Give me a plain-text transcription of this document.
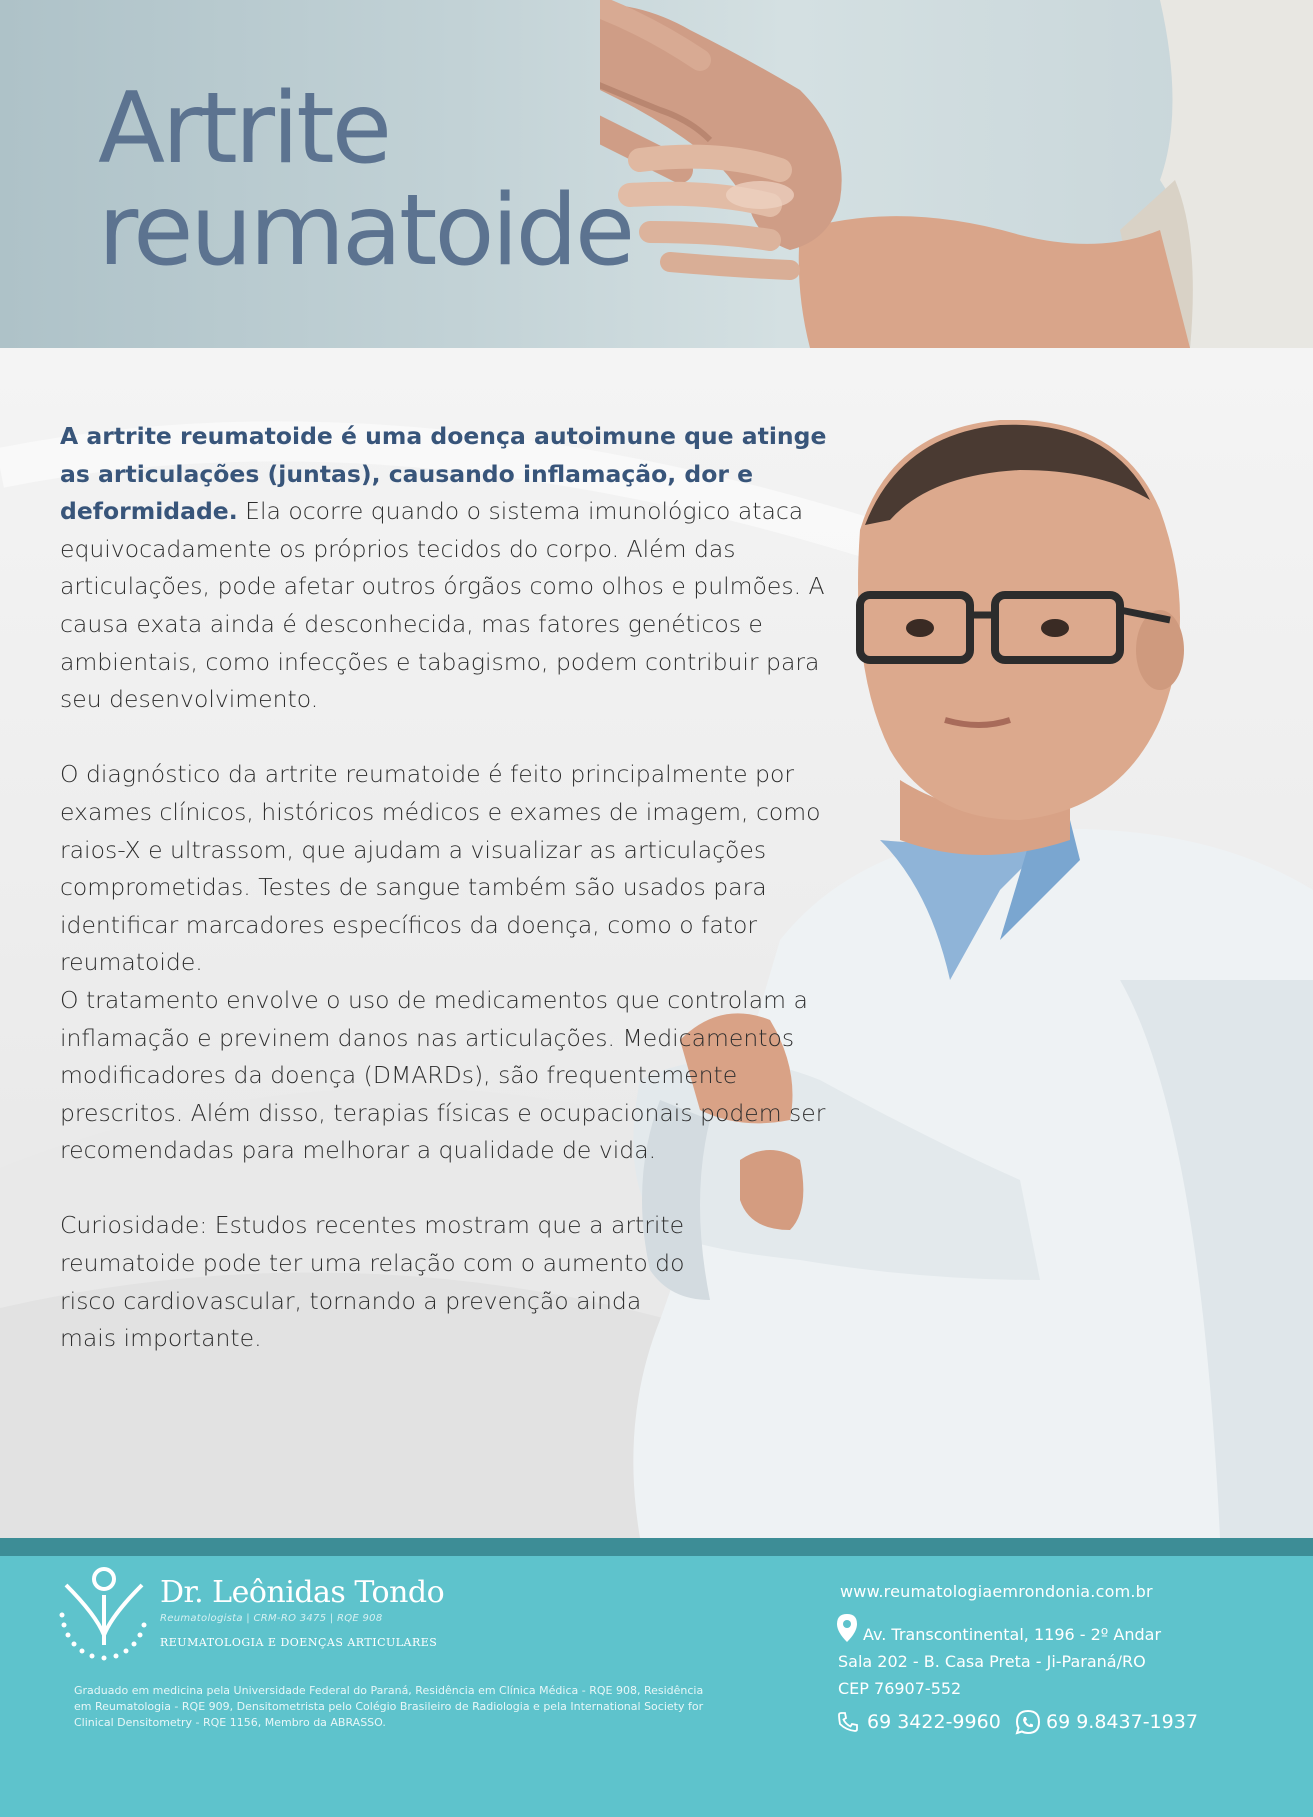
Artrite
reumatoide

A artrite reumatoide é uma doença autoimune que atinge as articulações (juntas), causando inflamação, dor e deformidade. Ela ocorre quando o sistema imunológico ataca equivocadamente os próprios tecidos do corpo. Além das articulações, pode afetar outros órgãos como olhos e pulmões. A causa exata ainda é desconhecida, mas fatores genéticos e ambientais, como infecções e tabagismo, podem contribuir para seu desenvolvimento.

O diagnóstico da artrite reumatoide é feito principalmente por exames clínicos, históricos médicos e exames de imagem, como raios-X e ultrassom, que ajudam a visualizar as articulações comprometidas. Testes de sangue também são usados para identificar marcadores específicos da doença, como o fator reumatoide.

O tratamento envolve o uso de medicamentos que controlam a inflamação e previnem danos nas articulações. Medicamentos modificadores da doença (DMARDs), são frequentemente prescritos. Além disso, terapias físicas e ocupacionais podem ser recomendadas para melhorar a qualidade de vida.

Curiosidade: Estudos recentes mostram que a artrite reumatoide pode ter uma relação com o aumento do risco cardiovascular, tornando a prevenção ainda mais importante.

Dr. Leônidas Tondo
Reumatologista | CRM-RO 3475 | RQE 908
REUMATOLOGIA E DOENÇAS ARTICULARES
Graduado em medicina pela Universidade Federal do Paraná, Residência em Clínica Médica - RQE 908, Residência em Reumatologia - RQE 909, Densitometrista pelo Colégio Brasileiro de Radiologia e pela International Society for Clinical Densitometry - RQE 1156, Membro da ABRASSO.
www.reumatologiaemrondonia.com.br
Av. Transcontinental, 1196 - 2º Andar
Sala 202 - B. Casa Preta - Ji-Paraná/RO
CEP 76907-552
69 3422-9960 69 9.8437-1937
